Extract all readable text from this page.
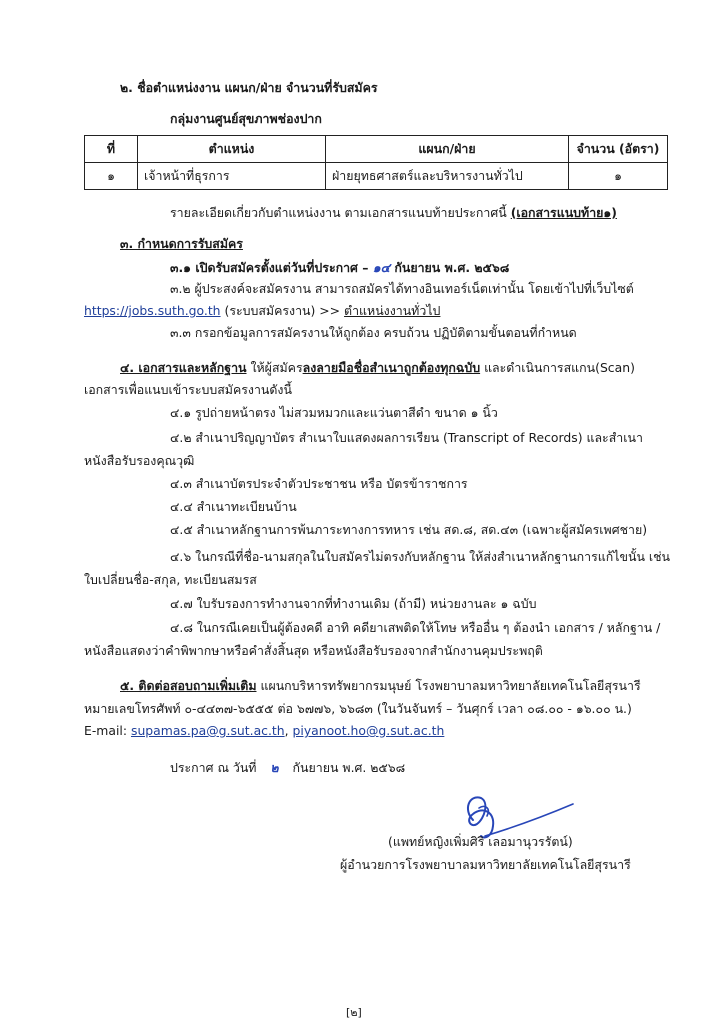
๒. ชื่อตำแหน่งงาน แผนก/ฝ่าย จำนวนที่รับสมัคร
กลุ่มงานศูนย์สุขภาพช่องปาก
ที่	ตำแหน่ง	แผนก/ฝ่าย	จำนวน (อัตรา)
๑	เจ้าหน้าที่ธุรการ	ฝ่ายยุทธศาสตร์และบริหารงานทั่วไป	๑
รายละเอียดเกี่ยวกับตำแหน่งงาน ตามเอกสารแนบท้ายประกาศนี้ (เอกสารแนบท้าย๑)
๓. กำหนดการรับสมัคร
๓.๑ เปิดรับสมัครตั้งแต่วันที่ประกาศ – ๑๔ กันยายน พ.ศ. ๒๕๖๘
๓.๒ ผู้ประสงค์จะสมัครงาน สามารถสมัครได้ทางอินเทอร์เน็ตเท่านั้น โดยเข้าไปที่เว็บไซต์
https://jobs.suth.go.th (ระบบสมัครงาน) >> ตำแหน่งงานทั่วไป
๓.๓ กรอกข้อมูลการสมัครงานให้ถูกต้อง ครบถ้วน ปฏิบัติตามขั้นตอนที่กำหนด
๔. เอกสารและหลักฐาน ให้ผู้สมัครลงลายมือชื่อสำเนาถูกต้องทุกฉบับ และดำเนินการสแกน(Scan)
เอกสารเพื่อแนบเข้าระบบสมัครงานดังนี้
๔.๑ รูปถ่ายหน้าตรง ไม่สวมหมวกและแว่นตาสีดำ ขนาด ๑ นิ้ว
๔.๒ สำเนาปริญญาบัตร สำเนาใบแสดงผลการเรียน (Transcript of Records) และสำเนา
หนังสือรับรองคุณวุฒิ
๔.๓ สำเนาบัตรประจำตัวประชาชน หรือ บัตรข้าราชการ
๔.๔ สำเนาทะเบียนบ้าน
๔.๕ สำเนาหลักฐานการพ้นภาระทางการทหาร เช่น สด.๘, สด.๔๓ (เฉพาะผู้สมัครเพศชาย)
๔.๖ ในกรณีที่ชื่อ-นามสกุลในใบสมัครไม่ตรงกับหลักฐาน ให้ส่งสำเนาหลักฐานการแก้ไขนั้น เช่น
ใบเปลี่ยนชื่อ-สกุล, ทะเบียนสมรส
๔.๗ ใบรับรองการทำงานจากที่ทำงานเดิม (ถ้ามี) หน่วยงานละ ๑ ฉบับ
๔.๘ ในกรณีเคยเป็นผู้ต้องคดี อาทิ คดียาเสพติดให้โทษ หรืออื่น ๆ ต้องนำ เอกสาร / หลักฐาน /
หนังสือแสดงว่าคำพิพากษาหรือคำสั่งสิ้นสุด หรือหนังสือรับรองจากสำนักงานคุมประพฤติ
๕. ติดต่อสอบถามเพิ่มเติม แผนกบริหารทรัพยากรมนุษย์ โรงพยาบาลมหาวิทยาลัยเทคโนโลยีสุรนารี
หมายเลขโทรศัพท์ ๐-๔๔๓๗-๖๕๕๕ ต่อ ๖๗๗๖, ๖๖๘๓ (ในวันจันทร์ – วันศุกร์ เวลา ๐๘.๐๐ - ๑๖.๐๐ น.)
E-mail: supamas.pa@g.sut.ac.th, piyanoot.ho@g.sut.ac.th
ประกาศ ณ วันที่ ๒ กันยายน พ.ศ. ๒๕๖๘
(แพทย์หญิงเพิ่มศิริ เลอมานุวรรัตน์)
ผู้อำนวยการโรงพยาบาลมหาวิทยาลัยเทคโนโลยีสุรนารี
[๒]
